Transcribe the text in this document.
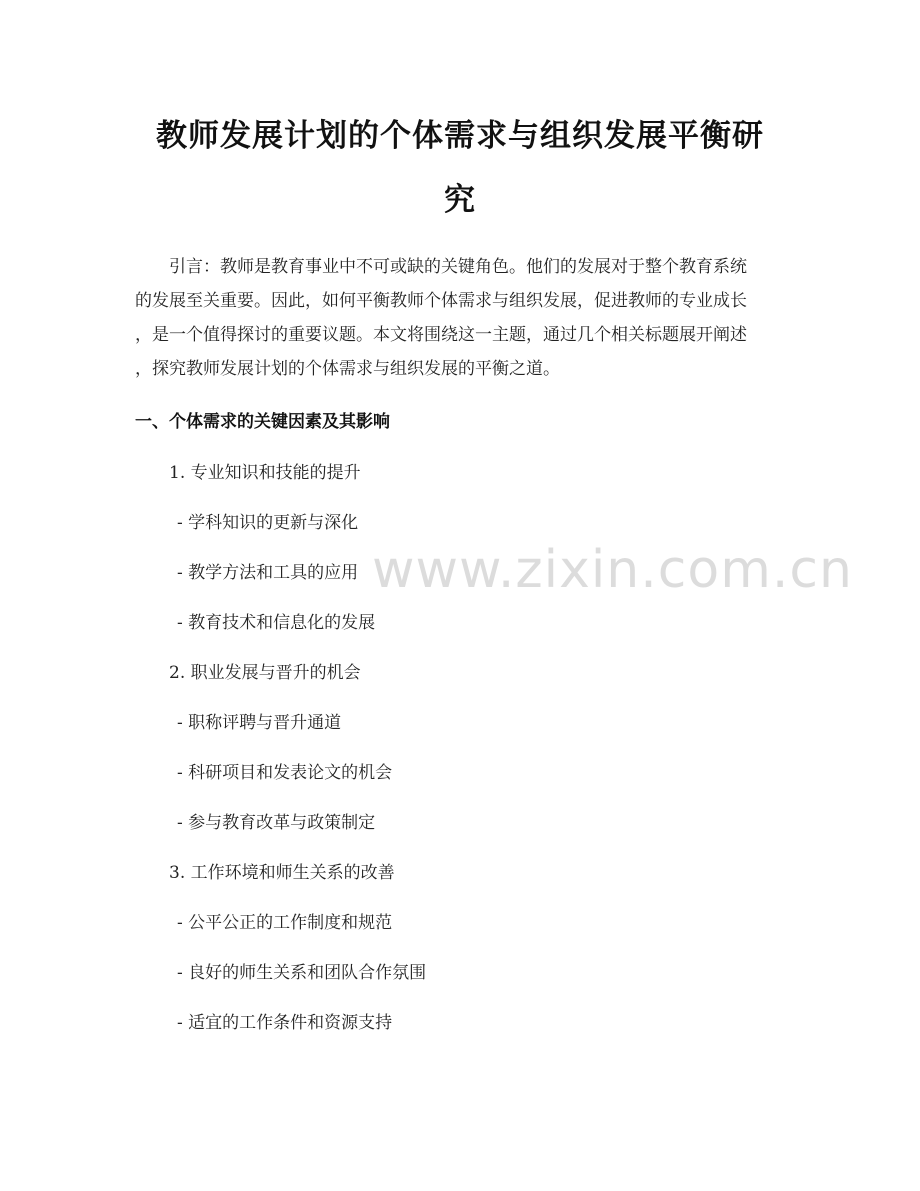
教师发展计划的个体需求与组织发展平衡研
究
引言：教师是教育事业中不可或缺的关键角色。他们的发展对于整个教育系统
的发展至关重要。因此，如何平衡教师个体需求与组织发展，促进教师的专业成长
，是一个值得探讨的重要议题。本文将围绕这一主题，通过几个相关标题展开阐述
，探究教师发展计划的个体需求与组织发展的平衡之道。
一、个体需求的关键因素及其影响
1. 专业知识和技能的提升
- 学科知识的更新与深化
- 教学方法和工具的应用
- 教育技术和信息化的发展
2. 职业发展与晋升的机会
- 职称评聘与晋升通道
- 科研项目和发表论文的机会
- 参与教育改革与政策制定
3. 工作环境和师生关系的改善
- 公平公正的工作制度和规范
- 良好的师生关系和团队合作氛围
- 适宜的工作条件和资源支持
www.zixin.com.cn
